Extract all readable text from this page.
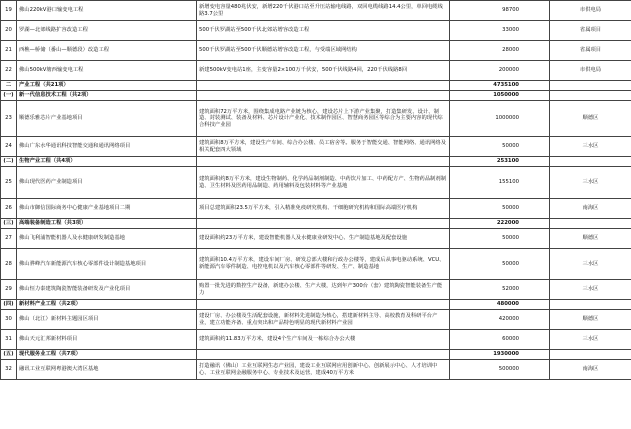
19	佛山220kV港口输变电工程	新增变电容量480兆伏安，新增220千伏港口站至升压站输电线路，双回电缆线路14.4公里，单回电缆线路3.7公里	98700	市供电局
20	罗湖—北郊线路扩容改造工程	500千伏罗湖站至500千伏北郊站增容改造工程	33000	省属项目
21	西樵—桥储（番山—顺德段）改造工程	500千伏罗湖站至500千伏顺德站增容改造工程，与受端区域网结构	28000	省属项目
22	佛山500kV塘西输变电工程	新建500kV变电站1座，主变容量2×100万千伏安，500千伏线路4回，220千伏线路8回	200000	市供电局
二	产业工程（共21项）		4735100	
(一)	新一代信息技术工程（共2项）		1050000	
23	顺德乐雅芯片产业基地项目	建筑面积72万平方米，围绕集成电路产业链为核心，建设芯片上下游产业集聚，打造集研发、设计、制造、封装测试、装备及材料、芯片设计产业化、技术制作园区、智慧商务园区等综合为主要内容的现代综合科技产业园	1000000	顺德区
24	佛山广东水华通讯科技智能交通和通讯网络项目	建筑面积8万平方米，建设生产车间、综合办公楼、员工宿舍等。服务于智能交通、智能网络、通讯网络及相关配套四大领域	50000	三水区
(二)	生物产业工程（共4项）		253100	
25	佛山现代医药产业制造项目	建筑面积约8万平方米，建设生物制药、化学药品制剂制造、中药饮片加工、中药配方产、生物药品制剂制造、卫生材料及医药用品制造、药用辅料及包装材料等产业基地	155100	三水区
26	佛山市御信国际商务中心健康产业基地项目二期	项目总建筑面积23.5万平方米，引入精准免疫研究机构、干细胞研究机构和国际高端医疗机构	50000	南海区
(三)	高端装备制造工程（共3项）		222000	
27	佛山飞利浦智能机器人及水健康研发制造基地	建设面积约23万平方米，建设智能机器人及水健康业研发中心、生产制造基地及配套设施	50000	顺德区
28	佛山骅峰汽车新能源汽车核心零部件设计制造基地项目	建筑面积10.4万平方米，建设车间厂房、研发总部大楼和行政办公楼等，建成后从事电驱动系统、VCU、新能源汽车零件制造、电控电机以及汽车核心零部件等研发、生产、制造基地	50000	三水区
29	佛山恒力泰建筑陶瓷智能装备研发及产业化项目	购置一批先进的数控生产设备，新建办公楼、生产大楼，达到年产300台（套）建筑陶瓷智能装备生产能力	52000	三水区
(四)	新材料产业工程（共2项）		480000	
30	佛山（北江）新材料主题园区项目	建设厂房、办公楼及生活配套设施，新材料先进制造为核心，搭建新材料主导、高校教育及科研平台产业，建立功能齐备、重点突出和产品特色明显的现代新材料产业园	420000	顺德区
31	佛山天元汇邦新材料项目	建筑面积约11.83万平方米，建设4个生产车间及一栋综合办公大楼	60000	三水区
(五)	现代服务业工程（共7项）		1930000	
32	融讯工业互联网粤港澳大湾区基地	打造融讯（佛山）工业互联网生态产业园，建设工业互联网应用创新中心、创新展示中心、人才培训中心、工业互联网金融服务中心、专业技术及运营，建成40万平方米	500000	南海区
